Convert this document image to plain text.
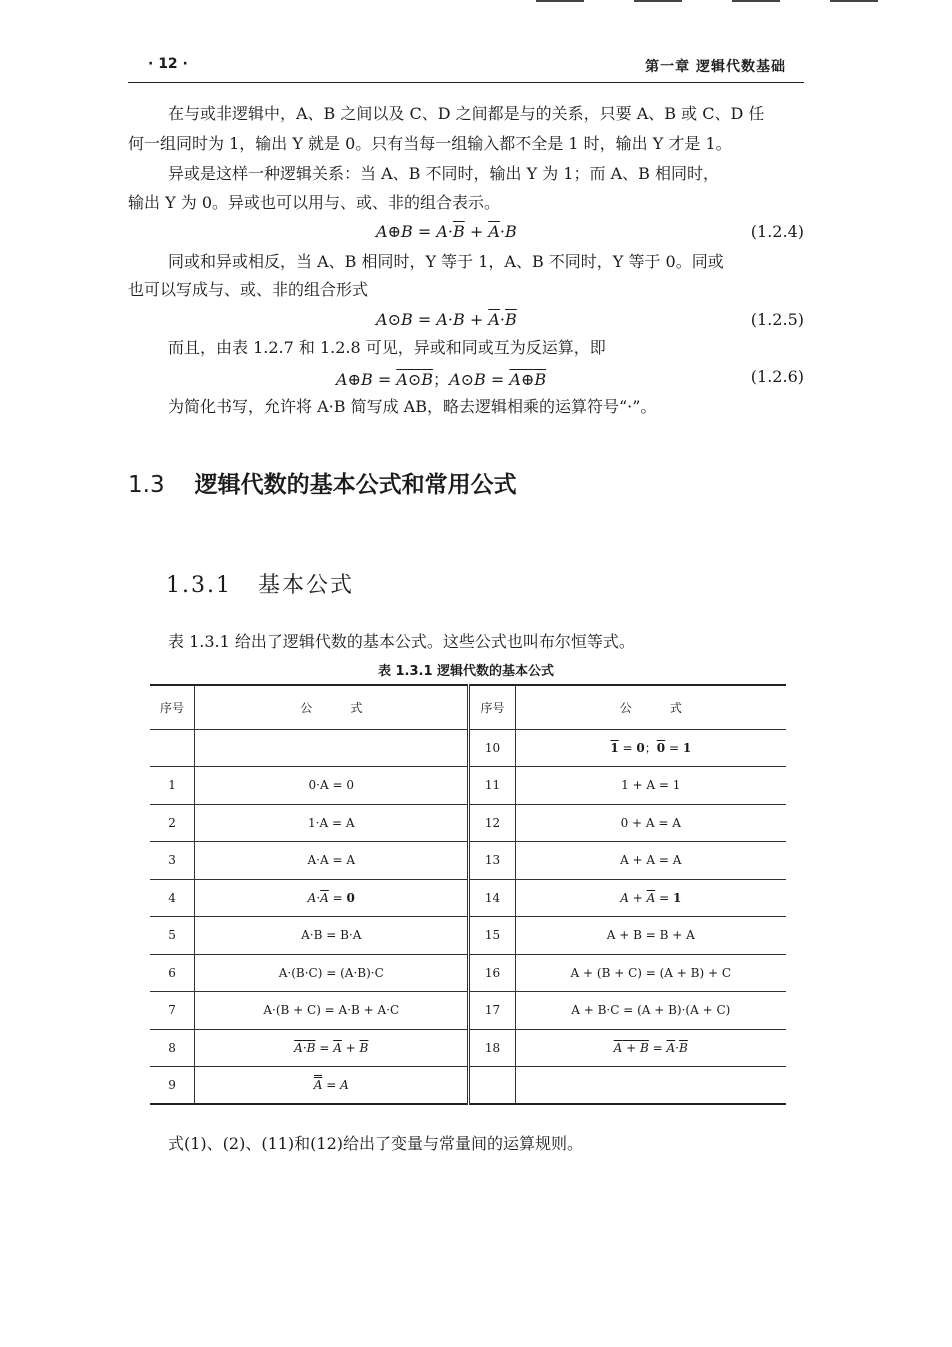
· 12 ·	第一章 逻辑代数基础
在与或非逻辑中，A、B 之间以及 C、D 之间都是与的关系，只要 A、B 或 C、D 任
何一组同时为 1，输出 Y 就是 0。只有当每一组输入都不全是 1 时，输出 Y 才是 1。
异或是这样一种逻辑关系：当 A、B 不同时，输出 Y 为 1；而 A、B 相同时，
输出 Y 为 0。异或也可以用与、或、非的组合表示。
A⊕B = $A\cdot\overline{B} + \overline{A}\cdot B$	(1.2.4)
同或和异或相反，当 A、B 相同时，Y 等于 1，A、B 不同时，Y 等于 0。同或
也可以写成与、或、非的组合形式
A⊙B = $A\cdot B + \overline{A}\cdot\overline{B}$	(1.2.5)
而且，由表 1.2.7 和 1.2.8 可见，异或和同或互为反运算，即
A⊕B = A⊙B；A⊙B = A⊕B	(1.2.6)
为简化书写，允许将 A·B 简写成 AB，略去逻辑相乘的运算符号“·”。
1.3 逻辑代数的基本公式和常用公式
1.3.1 基本公式
表 1.3.1 给出了逻辑代数的基本公式。这些公式也叫布尔恒等式。
表 1.3.1 逻辑代数的基本公式
序号	公          式	序号	公          式
		10	1 = 0；0 = 1
1	0·A = 0	11	1 + A = 1
2	1·A = A	12	0 + A = A
3	A·A = A	13	A + A = A
4	$A\cdot\overline{A} = 0$	14	$A + \overline{A} = 1$
5	A·B = B·A	15	A + B = B + A
6	A·(B·C) = (A·B)·C	16	A + (B + C) = (A + B) + C
7	A·(B + C) = A·B + A·C	17	A + B·C = (A + B)·(A + C)
8	$A\cdot B = \overline{A} + \overline{B}$	18	$A + B = \overline{A}\cdot\overline{B}$
9	$\overline{A} = A$		
式(1)、(2)、(11)和(12)给出了变量与常量间的运算规则。
